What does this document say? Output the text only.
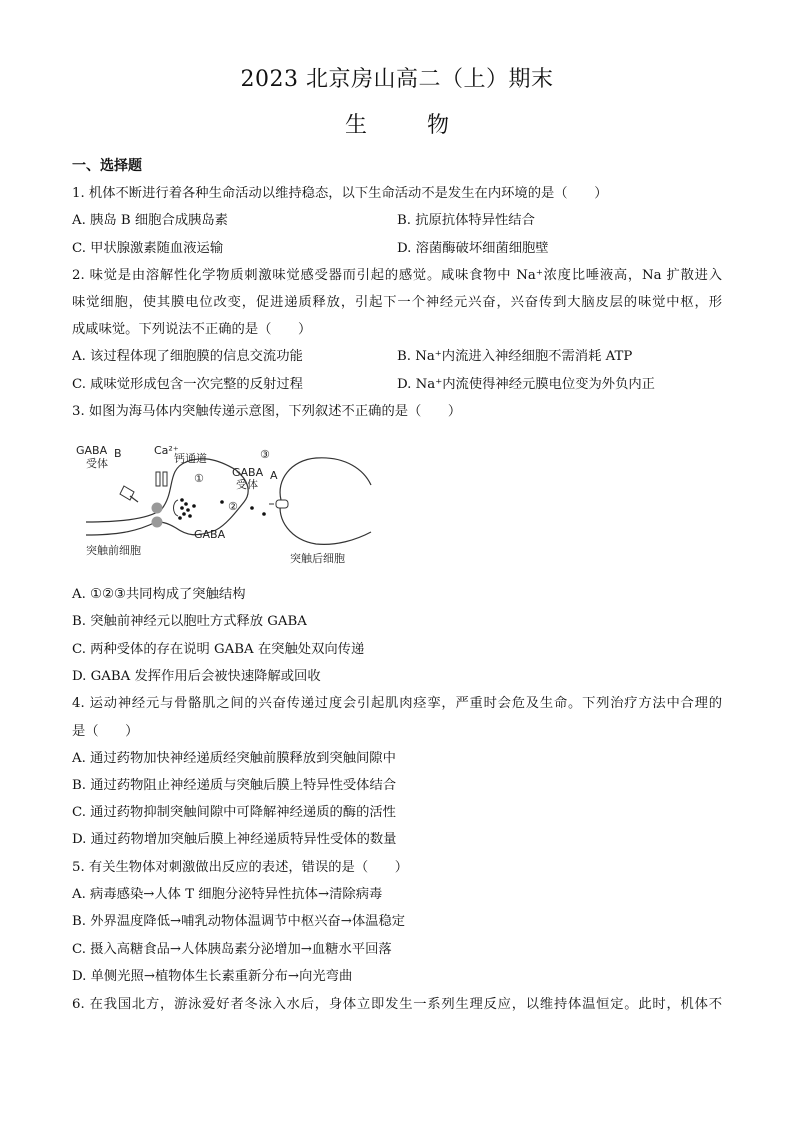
2023 北京房山高二（上）期末
生	物
一、选择题
1. 机体不断进行着各种生命活动以维持稳态，以下生命活动不是发生在内环境的是（　　）
A. 胰岛 B 细胞合成胰岛素	B. 抗原抗体特异性结合
C. 甲状腺激素随血液运输	D. 溶菌酶破坏细菌细胞壁
2. 味觉是由溶解性化学物质刺激味觉感受器而引起的感觉。咸味食物中 Na⁺浓度比唾液高，Na 扩散进入
味觉细胞，使其膜电位改变，促进递质释放，引起下一个神经元兴奋，兴奋传到大脑皮层的味觉中枢，形
成咸味觉。下列说法不正确的是（　　）
A. 该过程体现了细胞膜的信息交流功能	B. Na⁺内流进入神经细胞不需消耗 ATP
C. 咸味觉形成包含一次完整的反射过程	D. Na⁺内流使得神经元膜电位变为外负内正
3. 如图为海马体内突触传递示意图，下列叙述不正确的是（　　）
GABA B
受体
Ca²⁺
钙通道
①
②
③
GABA A
受体
GABA
突触前细胞
突触后细胞
A. ①②③共同构成了突触结构
B. 突触前神经元以胞吐方式释放 GABA
C. 两种受体的存在说明 GABA 在突触处双向传递
D. GABA 发挥作用后会被快速降解或回收
4. 运动神经元与骨骼肌之间的兴奋传递过度会引起肌肉痉挛，严重时会危及生命。下列治疗方法中合理的
是（　　）
A. 通过药物加快神经递质经突触前膜释放到突触间隙中
B. 通过药物阻止神经递质与突触后膜上特异性受体结合
C. 通过药物抑制突触间隙中可降解神经递质的酶的活性
D. 通过药物增加突触后膜上神经递质特异性受体的数量
5. 有关生物体对刺激做出反应的表述，错误的是（　　）
A. 病毒感染→人体 T 细胞分泌特异性抗体→清除病毒
B. 外界温度降低→哺乳动物体温调节中枢兴奋→体温稳定
C. 摄入高糖食品→人体胰岛素分泌增加→血糖水平回落
D. 单侧光照→植物体生长素重新分布→向光弯曲
6. 在我国北方，游泳爱好者冬泳入水后，身体立即发生一系列生理反应，以维持体温恒定。此时，机体不
